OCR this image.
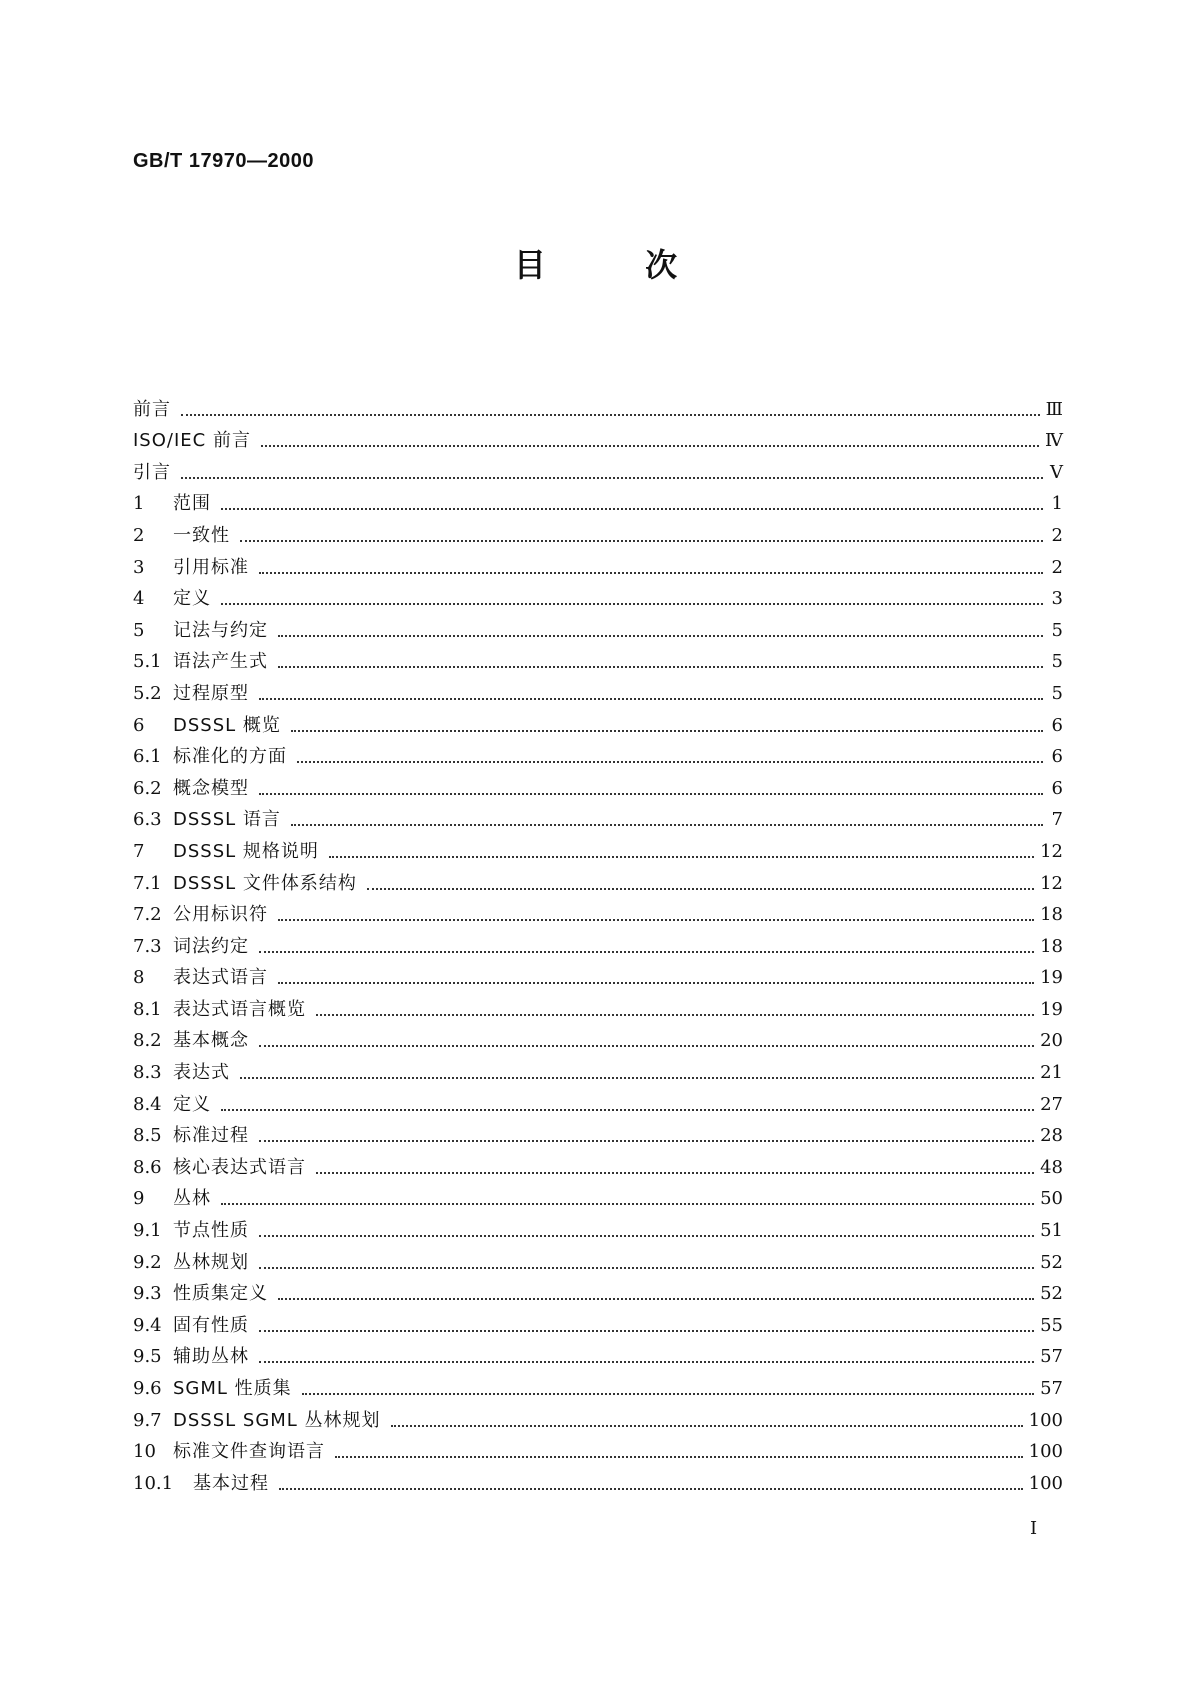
GB/T 17970—2000
目	次
前言	Ⅲ
ISO/IEC 前言	Ⅳ
引言	Ⅴ
1	范围	1
2	一致性	2
3	引用标准	2
4	定义	3
5	记法与约定	5
5.1 语法产生式	5
5.2 过程原型	5
6	DSSSL 概览	6
6.1 标准化的方面	6
6.2 概念模型	6
6.3 DSSSL 语言	7
7	DSSSL 规格说明	12
7.1 DSSSL 文件体系结构	12
7.2 公用标识符	18
7.3 词法约定	18
8	表达式语言	19
8.1 表达式语言概览	19
8.2 基本概念	20
8.3 表达式	21
8.4 定义	27
8.5 标准过程	28
8.6 核心表达式语言	48
9	丛林	50
9.1 节点性质	51
9.2 丛林规划	52
9.3 性质集定义	52
9.4 固有性质	55
9.5 辅助丛林	57
9.6 SGML 性质集	57
9.7 DSSSL SGML 丛林规划	100
10 标准文件查询语言	100
10.1	基本过程	100
I
